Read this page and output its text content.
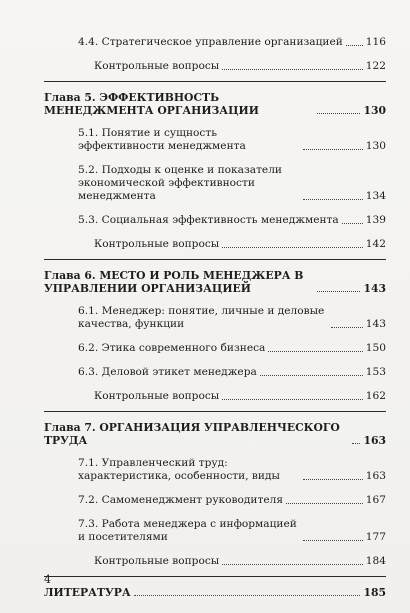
4.4. Стратегическое управление организацией 116
Контрольные вопросы	122
Глава 5. ЭФФЕКТИВНОСТЬ МЕНЕДЖМЕНТА ОРГАНИЗАЦИИ	130
5.1. Понятие и сущность эффективности менеджмента	130
5.2. Подходы к оценке и показатели экономической эффективности менеджмента	134
5.3. Социальная эффективность менеджмента	139
Контрольные вопросы	142
Глава 6. МЕСТО И РОЛЬ МЕНЕДЖЕРА В УПРАВЛЕНИИ ОРГАНИЗАЦИЕЙ	143
6.1. Менеджер: понятие, личные и деловые качества, функции	143
6.2. Этика современного бизнеса	150
6.3. Деловой этикет менеджера	153
Контрольные вопросы	162
Глава 7. ОРГАНИЗАЦИЯ УПРАВЛЕНЧЕСКОГО ТРУДА	163
7.1. Управленческий труд: характеристика, особенности, виды	163
7.2. Самоменеджмент руководителя	167
7.3. Работа менеджера с информацией и посетителями	177
Контрольные вопросы	184
ЛИТЕРАТУРА	185
4
